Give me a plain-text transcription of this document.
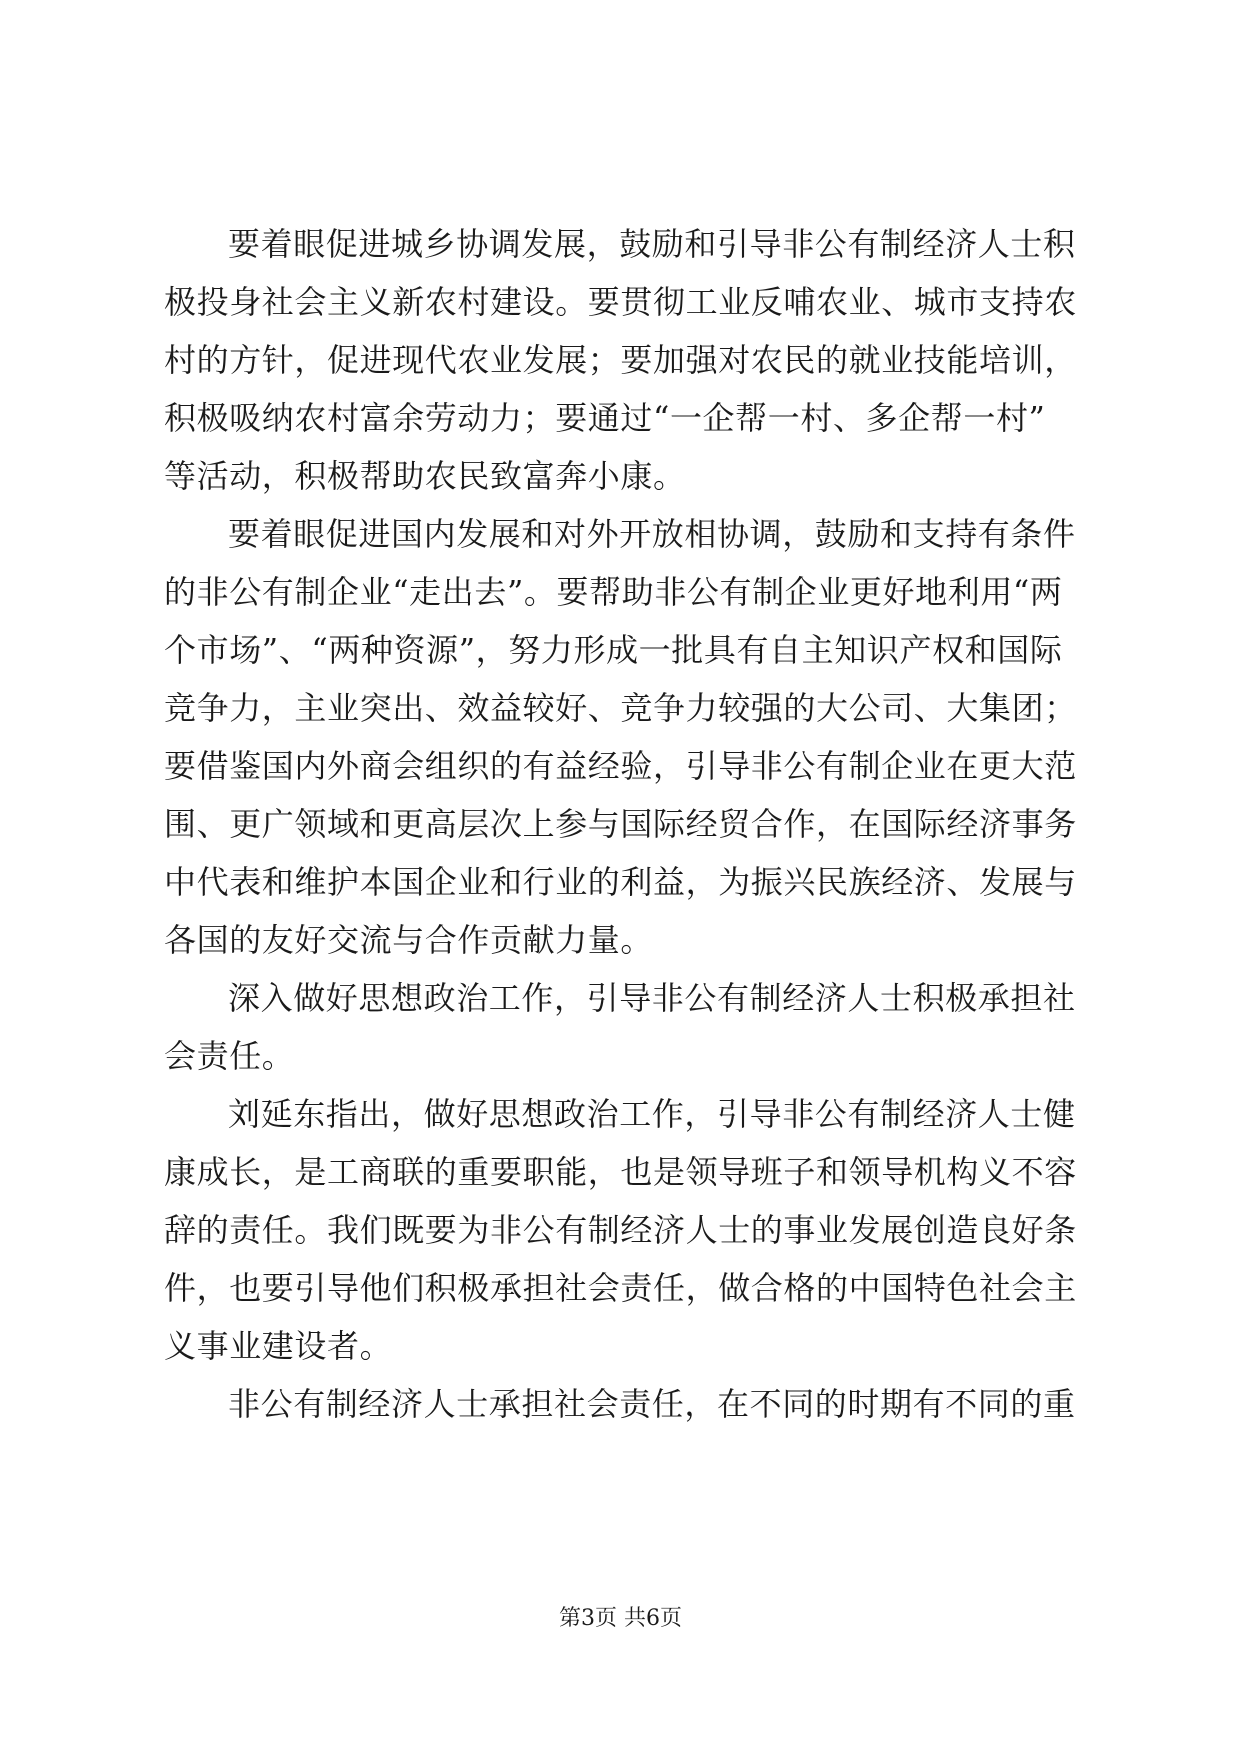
要着眼促进城乡协调发展，鼓励和引导非公有制经济人士积
极投身社会主义新农村建设。要贯彻工业反哺农业、城市支持农
村的方针，促进现代农业发展；要加强对农民的就业技能培训，
积极吸纳农村富余劳动力；要通过“一企帮一村、多企帮一村”
等活动，积极帮助农民致富奔小康。
要着眼促进国内发展和对外开放相协调，鼓励和支持有条件
的非公有制企业“走出去”。要帮助非公有制企业更好地利用“两
个市场”、“两种资源”，努力形成一批具有自主知识产权和国际
竞争力，主业突出、效益较好、竞争力较强的大公司、大集团；
要借鉴国内外商会组织的有益经验，引导非公有制企业在更大范
围、更广领域和更高层次上参与国际经贸合作，在国际经济事务
中代表和维护本国企业和行业的利益，为振兴民族经济、发展与
各国的友好交流与合作贡献力量。
深入做好思想政治工作，引导非公有制经济人士积极承担社
会责任。
刘延东指出，做好思想政治工作，引导非公有制经济人士健
康成长，是工商联的重要职能，也是领导班子和领导机构义不容
辞的责任。我们既要为非公有制经济人士的事业发展创造良好条
件，也要引导他们积极承担社会责任，做合格的中国特色社会主
义事业建设者。
非公有制经济人士承担社会责任，在不同的时期有不同的重
第3页 共6页
